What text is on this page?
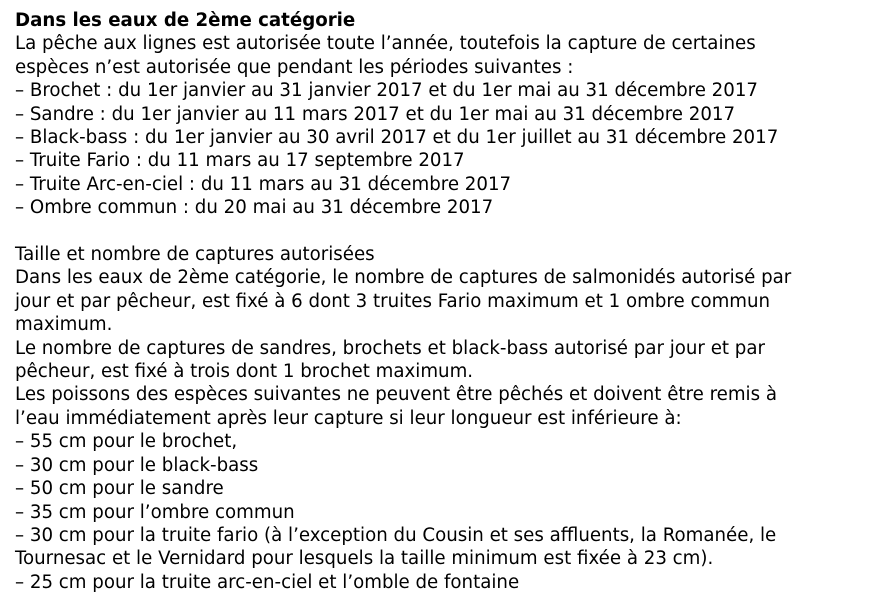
Dans les eaux de 2ème catégorie
La pêche aux lignes est autorisée toute l’année, toutefois la capture de certaines
espèces n’est autorisée que pendant les périodes suivantes :
– Brochet : du 1er janvier au 31 janvier 2017 et du 1er mai au 31 décembre 2017
– Sandre : du 1er janvier au 11 mars 2017 et du 1er mai au 31 décembre 2017
– Black-bass : du 1er janvier au 30 avril 2017 et du 1er juillet au 31 décembre 2017
– Truite Fario : du 11 mars au 17 septembre 2017
– Truite Arc-en-ciel : du 11 mars au 31 décembre 2017
– Ombre commun : du 20 mai au 31 décembre 2017
Taille et nombre de captures autorisées
Dans les eaux de 2ème catégorie, le nombre de captures de salmonidés autorisé par
jour et par pêcheur, est fixé à 6 dont 3 truites Fario maximum et 1 ombre commun
maximum.
Le nombre de captures de sandres, brochets et black-bass autorisé par jour et par
pêcheur, est fixé à trois dont 1 brochet maximum.
Les poissons des espèces suivantes ne peuvent être pêchés et doivent être remis à
l’eau immédiatement après leur capture si leur longueur est inférieure à:
– 55 cm pour le brochet,
– 30 cm pour le black-bass
– 50 cm pour le sandre
– 35 cm pour l’ombre commun
– 30 cm pour la truite fario (à l’exception du Cousin et ses affluents, la Romanée, le
Tournesac et le Vernidard pour lesquels la taille minimum est fixée à 23 cm).
– 25 cm pour la truite arc-en-ciel et l’omble de fontaine
